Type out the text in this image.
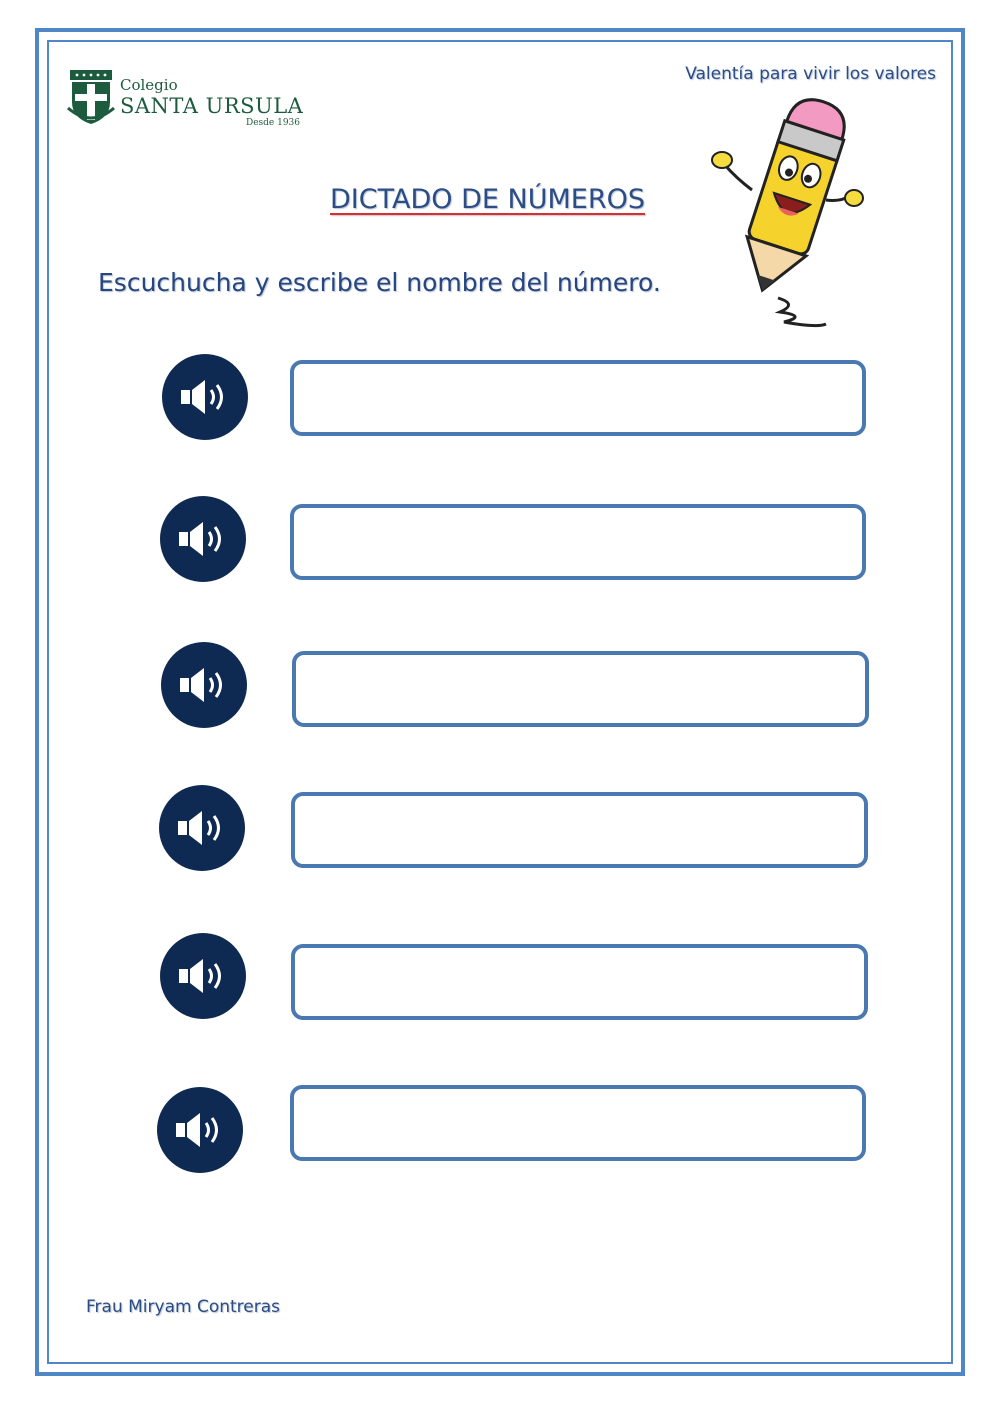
Colegio
SANTA URSULA
Desde 1936
Valentía para vivir los valores
DICTADO DE NÚMEROS
Escuchucha y escribe el nombre del número.
Frau Miryam Contreras
